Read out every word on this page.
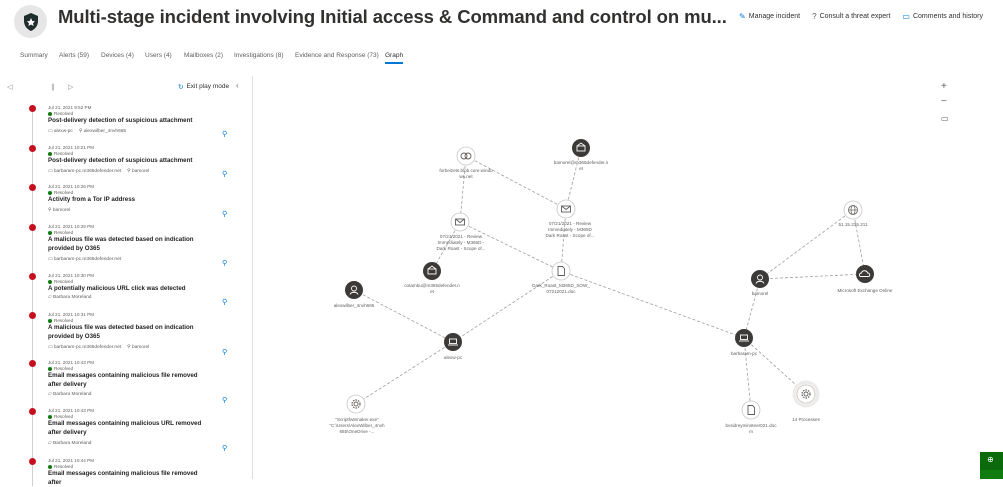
Multi-stage incident involving Initial access & Command and control on mu... ✎ Manage incident ? Consult a threat expert ▭ Comments and history
Summary Alerts (59) Devices (4) Users (4) Mailboxes (2) Investigations (8) Evidence and Response (73) Graph
◁	∥ ▷	↻ Exit play mode ‹
Jul 21, 2021 9:52 PM
Resolved
Post-delivery detection of suspicious attachment
▭ alexw-pc ⚲ alexwilber_4nvh665	⚲
Jul 21, 2021 10:21 PM
Resolved
Post-delivery detection of suspicious attachment
▭ barbaram-pc.m365defender.net ⚲ bamorel	⚲
Jul 21, 2021 10:26 PM
Resolved
Activity from a Tor IP address
⚲ bamorel
⚲
Jul 21, 2021 10:29 PM
Resolved
A malicious file was detected based on indication provided by O365
▭ barbaram-pc.m365defender.net
⚲
Jul 21, 2021 10:30 PM
Resolved
A potentially malicious URL click was detected
▱ Barbara Moreland
⚲
Jul 21, 2021 10:31 PM
Resolved
A malicious file was detected based on indication provided by O365
▭ barbaram-pc.m365defender.net ⚲ bamorel
⚲
Jul 21, 2021 10:43 PM
Resolved
Email messages containing malicious file removed after delivery
▱ Barbara Moreland
⚲
Jul 21, 2021 10:43 PM
Resolved
Email messages containing malicious URL removed after delivery
▱ Barbara Moreland
⚲
Jul 21, 2021 10:44 PM
Resolved
Email messages containing malicious file removed after
forbeizets.blob.core.windo
ws.net
bamorel@m365defender.n
et
07/21/2021 - Review
Immediately - M365D
Dark Roast - Scope of...
07/21/2021 - Review
Immediately - M365D -
Dark Roast - Scope of...
51.15.235.211
cotambu@m365defender.n
et
Dark_Roast_M365D_SOW_
07212021.doc	bamorel
Microsoft Exchange Online
alexwilber_4nvh665
alexw-pc
barbaram-pc
"Scriptfw8maker.exe"
"C:\Users\AlexWilber_4nvh
665\OneDrive -...
bvsidreyminsteer021.doc
m
14 Processes
+
−
▭
⊕
